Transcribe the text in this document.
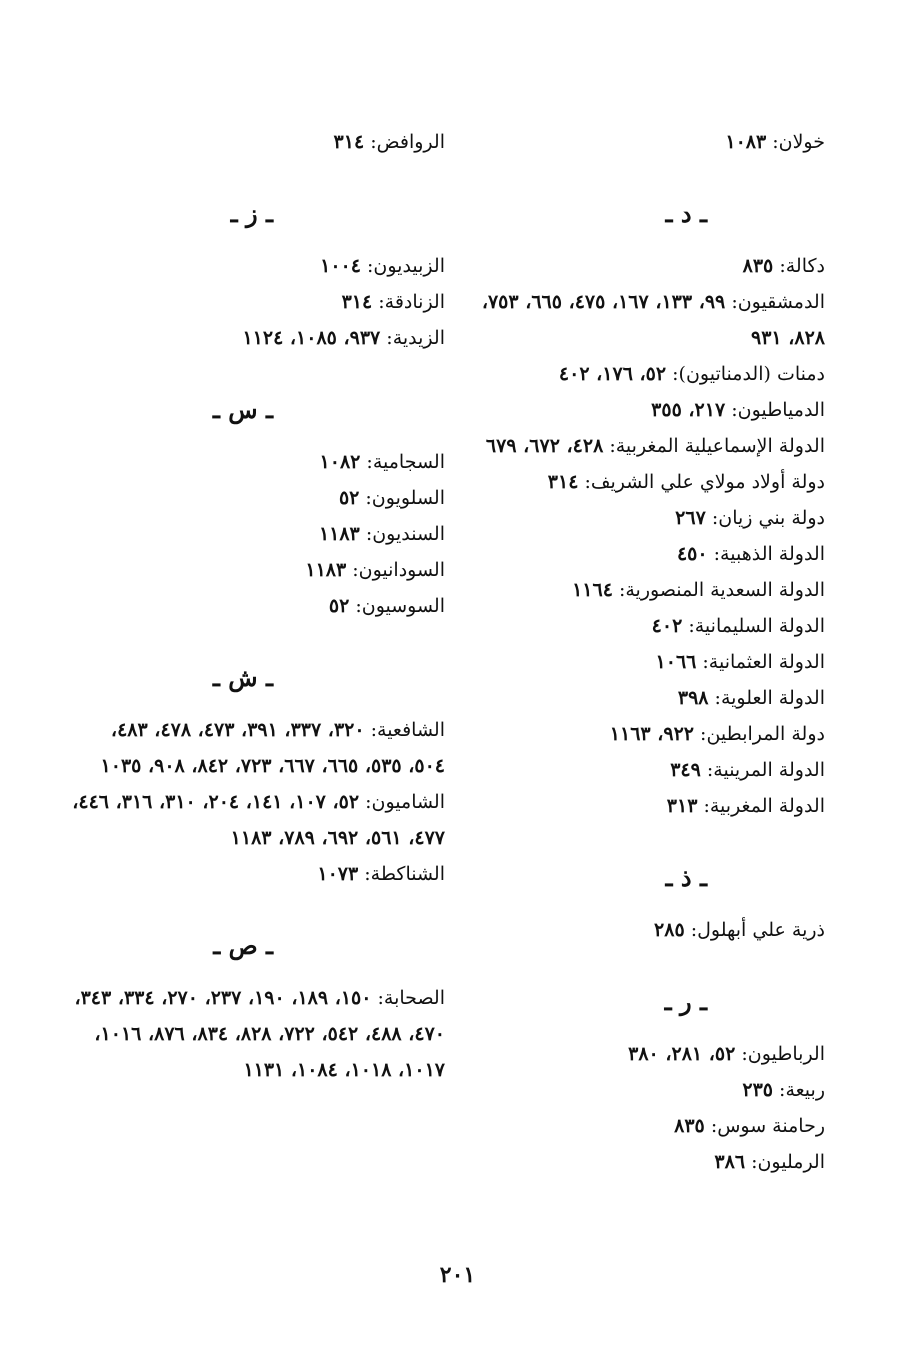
خولان: ١٠٨٣

ـ د ـ

دكالة: ٨٣٥

الدمشقيون: ٩٩، ١٣٣، ١٦٧، ٤٧٥، ٦٦٥، ٧٥٣، ٨٢٨، ٩٣١

دمنات (الدمناتيون): ٥٢، ١٧٦، ٤٠٢

الدمياطيون: ٢١٧، ٣٥٥

الدولة الإسماعيلية المغربية: ٤٢٨، ٦٧٢، ٦٧٩

دولة أولاد مولاي علي الشريف: ٣١٤

دولة بني زيان: ٢٦٧

الدولة الذهبية: ٤٥٠

الدولة السعدية المنصورية: ١١٦٤

الدولة السليمانية: ٤٠٢

الدولة العثمانية: ١٠٦٦

الدولة العلوية: ٣٩٨

دولة المرابطين: ٩٢٢، ١١٦٣

الدولة المرينية: ٣٤٩

الدولة المغربية: ٣١٣

ـ ذ ـ

ذرية علي أبهلول: ٢٨٥

ـ ر ـ

الرباطيون: ٥٢، ٢٨١، ٣٨٠

ربيعة: ٢٣٥

رحامنة سوس: ٨٣٥

الرمليون: ٣٨٦

الروافض: ٣١٤

ـ ز ـ

الزبيديون: ١٠٠٤

الزنادقة: ٣١٤

الزيدية: ٩٣٧، ١٠٨٥، ١١٢٤

ـ س ـ

السجامية: ١٠٨٢

السلويون: ٥٢

السنديون: ١١٨٣

السودانيون: ١١٨٣

السوسيون: ٥٢

ـ ش ـ

الشافعية: ٣٢٠، ٣٣٧، ٣٩١، ٤٧٣، ٤٧٨، ٤٨٣، ٥٠٤، ٥٣٥، ٦٦٥، ٦٦٧، ٧٢٣، ٨٤٢، ٩٠٨، ١٠٣٥

الشاميون: ٥٢، ١٠٧، ١٤١، ٢٠٤، ٣١٠، ٣١٦، ٤٤٦، ٤٧٧، ٥٦١، ٦٩٢، ٧٨٩، ١١٨٣

الشناكطة: ١٠٧٣

ـ ص ـ

الصحابة: ١٥٠، ١٨٩، ١٩٠، ٢٣٧، ٢٧٠، ٣٣٤، ٣٤٣، ٤٧٠، ٤٨٨، ٥٤٢، ٧٢٢، ٨٢٨، ٨٣٤، ٨٧٦، ١٠١٦، ١٠١٧، ١٠١٨، ١٠٨٤، ١١٣١

٢٠١
